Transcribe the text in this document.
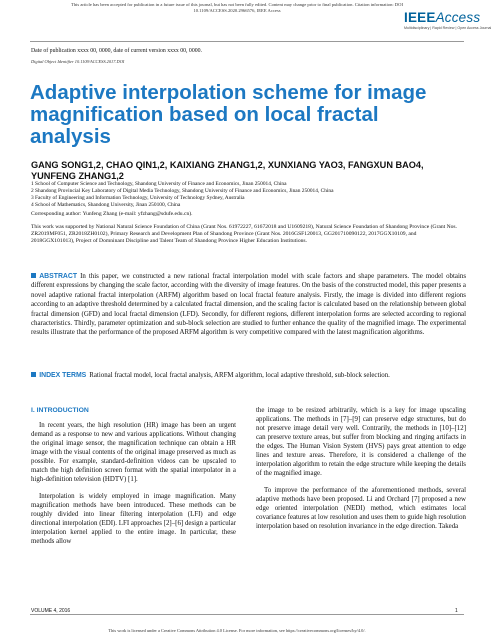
This article has been accepted for publication in a future issue of this journal, but has not been fully edited. Content may change prior to final publication. Citation information: DOI
10.1109/ACCESS.2020.2966576, IEEE Access	IEEEAccess
Multidisciplinary | Rapid Review | Open Access Journal
Date of publication xxxx 00, 0000, date of current version xxxx 00, 0000.
Digital Object Identifier 10.1109/ACCESS.2017.DOI
Adaptive interpolation scheme for image magnification based on local fractal analysis
GANG SONG1,2, CHAO QIN1,2, KAIXIANG ZHANG1,2, XUNXIANG YAO3, FANGXUN BAO4,
YUNFENG ZHANG1,2
1 School of Computer Science and Technology, Shandong University of Finance and Economics, Jinan 250014, China
2 Shandong Provincial Key Laboratory of Digital Media Technology, Shandong University of Finance and Economics, Jinan 250014, China
3 Faculty of Engineering and Information Technology, University of Technology Sydney, Australia
4 School of Mathematics, Shandong University, Jinan 250100, China
Corresponding author: Yunfeng Zhang (e-mail: yfzhang@sdufe.edu.cn).
This work was supported by National Natural Science Foundation of China (Grant Nos. 61972227, 61672018 and U1609218), Natural Science Foundation of Shandong Province (Grant Nos. ZR2019MF051, ZR2018ZH0102), Primary Research and Development Plan of Shandong Province (Grant Nos. 2016GSF120013, GG201710090122, 2017GGX10109, and 2018GGX101013), Project of Domninant Discipline and Talent Team of Shandong Province Higher Education Institutions.
ABSTRACT In this paper, we constructed a new rational fractal interpolation model with scale factors and shape parameters. The model obtains different expressions by changing the scale factor, according with the diversity of image features. On the basis of the constructed model, this paper presents a novel adaptive rational fractal interpolation (ARFM) algorithm based on local fractal feature analysis. Firstly, the image is divided into different regions according to an adaptive threshold determined by a calculated fractal dimension, and the scaling factor is calculated based on the relationship between global fractal dimension (GFD) and local fractal dimension (LFD). Secondly, for different regions, different interpolation forms are selected according to regional characteristics. Thirdly, parameter optimization and sub-block selection are studied to further enhance the quality of the magnified image. The experimental results illustrate that the performance of the proposed ARFM algorithm is very competitive compared with the latest magnification algorithms.
INDEX TERMS Rational fractal model, local fractal analysis, ARFM algorithm, local adaptive threshold, sub-block selection.
I. INTRODUCTION

In recent years, the high resolution (HR) image has been an urgent demand as a response to new and various applications. Without changing the original image sensor, the magnification technique can obtain a HR image with the visual contents of the original image preserved as much as possible. For example, standard-definition videos can be upscaled to match the high definition screen format with the spatial interpolator in a high-definition television (HDTV) [1].

Interpolation is widely employed in image magnification. Many magnification methods have been introduced. These methods can be roughly divided into linear filtering interpolation (LFI) and edge directional interpolation (EDI). LFI approaches [2]–[6] design a particular interpolation kernel applied to the entire image. In particular, these methods allow

the image to be resized arbitrarily, which is a key for image upscaling applications. The methods in [7]–[9] can preserve edge structures, but do not preserve image detail very well. Contrarily, the methods in [10]–[12] can preserve texture areas, but suffer from blocking and ringing artifacts in the edges. The Human Vision System (HVS) pays great attention to edge lines and texture areas. Therefore, it is considered a challenge of the interpolation algorithm to retain the edge structure while keeping the details of the magnified image.

To improve the performance of the aforementioned methods, several adaptive methods have been proposed. Li and Orchard [7] proposed a new edge oriented interpolation (NEDI) method, which estimates local covariance features at low resolution and uses them to guide high resolution interpolation based on resolution invariance in the edge direction. Takeda

VOLUME 4, 2016	1
This work is licensed under a Creative Commons Attribution 4.0 License. For more information, see https://creativecommons.org/licenses/by/4.0/.
